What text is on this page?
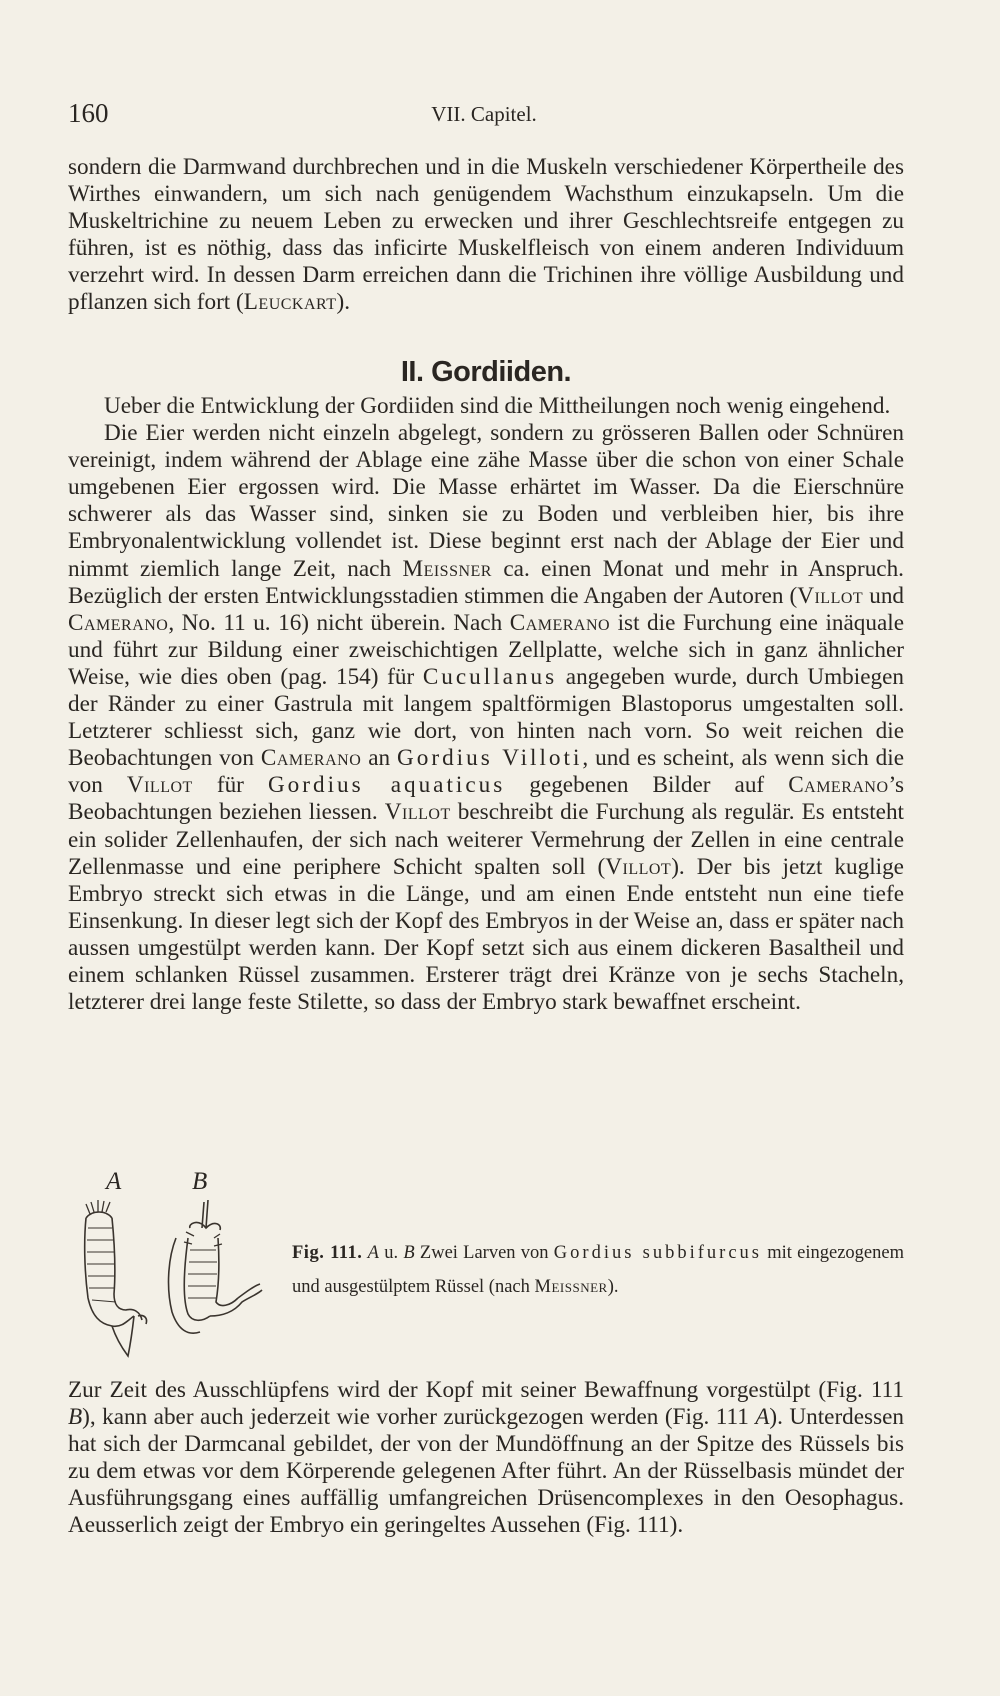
160	VII. Capitel.

sondern die Darmwand durchbrechen und in die Muskeln verschiedener Körpertheile des Wirthes einwandern, um sich nach genügendem Wachsthum einzukapseln. Um die Muskeltrichine zu neuem Leben zu erwecken und ihrer Geschlechtsreife entgegen zu führen, ist es nöthig, dass das inficirte Muskelfleisch von einem anderen Individuum verzehrt wird. In dessen Darm erreichen dann die Trichinen ihre völlige Ausbildung und pflanzen sich fort (Leuckart).

II. Gordiiden.

Ueber die Entwicklung der Gordiiden sind die Mittheilungen noch wenig eingehend.

Die Eier werden nicht einzeln abgelegt, sondern zu grösseren Ballen oder Schnüren vereinigt, indem während der Ablage eine zähe Masse über die schon von einer Schale umgebenen Eier ergossen wird. Die Masse erhärtet im Wasser. Da die Eierschnüre schwerer als das Wasser sind, sinken sie zu Boden und verbleiben hier, bis ihre Embryonalentwicklung vollendet ist. Diese beginnt erst nach der Ablage der Eier und nimmt ziemlich lange Zeit, nach Meissner ca. einen Monat und mehr in Anspruch. Bezüglich der ersten Entwicklungsstadien stimmen die Angaben der Autoren (Villot und Camerano, No. 11 u. 16) nicht überein. Nach Camerano ist die Furchung eine inäquale und führt zur Bildung einer zweischichtigen Zellplatte, welche sich in ganz ähnlicher Weise, wie dies oben (pag. 154) für Cucullanus angegeben wurde, durch Umbiegen der Ränder zu einer Gastrula mit langem spaltförmigen Blastoporus umgestalten soll. Letzterer schliesst sich, ganz wie dort, von hinten nach vorn. So weit reichen die Beobachtungen von Camerano an Gordius Villoti, und es scheint, als wenn sich die von Villot für Gordius aquaticus gegebenen Bilder auf Camerano’s Beobachtungen beziehen liessen. Villot beschreibt die Furchung als regulär. Es entsteht ein solider Zellenhaufen, der sich nach weiterer Vermehrung der Zellen in eine centrale Zellenmasse und eine periphere Schicht spalten soll (Villot). Der bis jetzt kuglige Embryo streckt sich etwas in die Länge, und am einen Ende entsteht nun eine tiefe Einsenkung. In dieser legt sich der Kopf des Embryos in der Weise an, dass er später nach aussen umgestülpt werden kann. Der Kopf setzt sich aus einem dickeren Basaltheil und einem schlanken Rüssel zusammen. Ersterer trägt drei Kränze von je sechs Stacheln, letzterer drei lange feste Stilette, so dass der Embryo stark bewaffnet erscheint.

A	B
Fig. 111. A u. B Zwei Larven von Gordius subbifurcus mit eingezogenem und ausgestülptem Rüssel (nach Meissner).

Zur Zeit des Ausschlüpfens wird der Kopf mit seiner Bewaffnung vorgestülpt (Fig. 111 B), kann aber auch jederzeit wie vorher zurückgezogen werden (Fig. 111 A). Unterdessen hat sich der Darmcanal gebildet, der von der Mundöffnung an der Spitze des Rüssels bis zu dem etwas vor dem Körperende gelegenen After führt. An der Rüsselbasis mündet der Ausführungsgang eines auffällig umfangreichen Drüsencomplexes in den Oesophagus. Aeusserlich zeigt der Embryo ein geringeltes Aussehen (Fig. 111).
